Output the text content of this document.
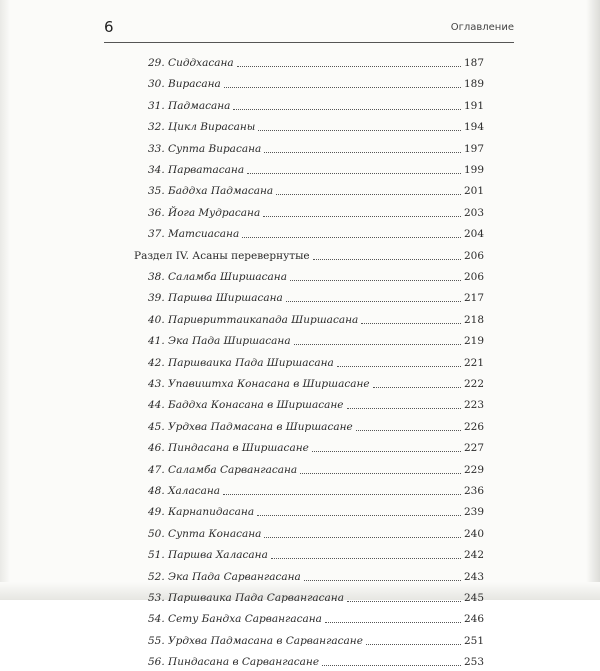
6	Оглавление
29. Сиддхасана	187
30. Вирасана	189
31. Падмасана	191
32. Цикл Вирасаны	194
33. Супта Вирасана	197
34. Парватасана	199
35. Баддха Падмасана	201
36. Йога Мудрасана	203
37. Матсиасана	204
Раздел IV. Асаны перевернутые	206
38. Саламба Ширшасана	206
39. Паршва Ширшасана	217
40. Паривриттаикапада Ширшасана	218
41. Эка Пада Ширшасана	219
42. Паршваика Пада Ширшасана	221
43. Упавиштха Конасана в Ширшасане	222
44. Баддха Конасана в Ширшасане	223
45. Урдхва Падмасана в Ширшасане	226
46. Пиндасана в Ширшасане	227
47. Саламба Сарвангасана	229
48. Халасана	236
49. Карнапидасана	239
50. Супта Конасана	240
51. Паршва Халасана	242
52. Эка Пада Сарвангасана	243
53. Паршваика Пада Сарвангасана	245
54. Сету Бандха Сарвангасана	246
55. Урдхва Падмасана в Сарвангасане	251
56. Пиндасана в Сарвангасане	253
